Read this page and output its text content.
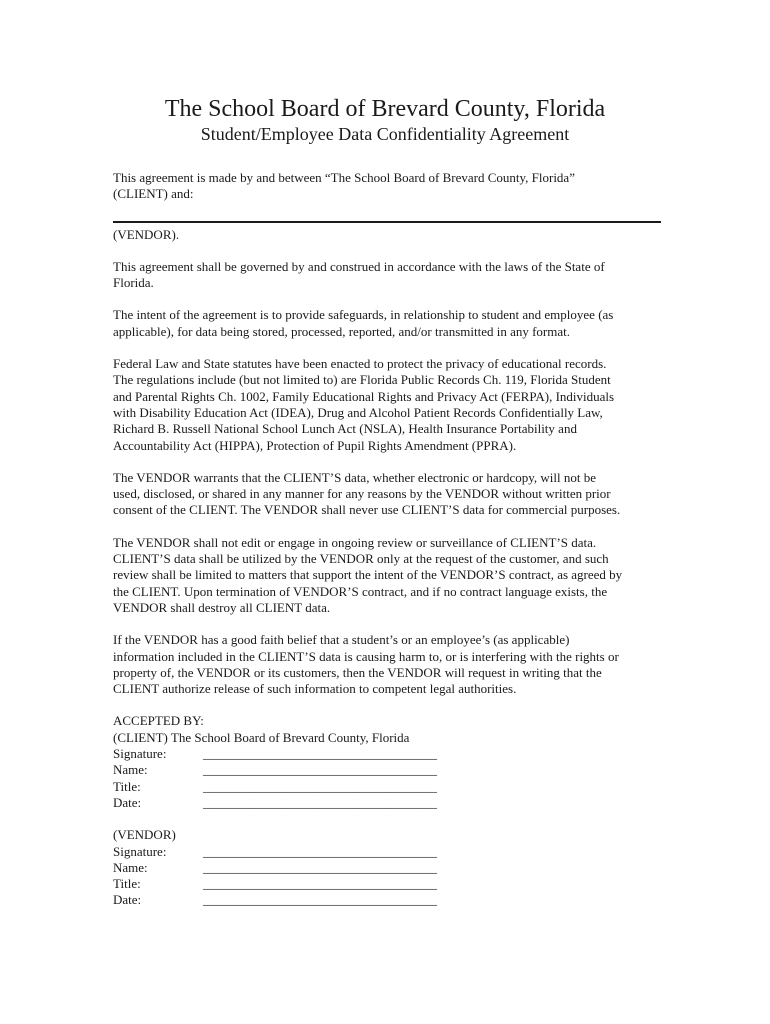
The School Board of Brevard County, Florida
Student/Employee Data Confidentiality Agreement

This agreement is made by and between “The School Board of Brevard County, Florida”
(CLIENT) and:

(VENDOR).

This agreement shall be governed by and construed in accordance with the laws of the State of
Florida.

The intent of the agreement is to provide safeguards, in relationship to student and employee (as
applicable), for data being stored, processed, reported, and/or transmitted in any format.

Federal Law and State statutes have been enacted to protect the privacy of educational records.
The regulations include (but not limited to) are Florida Public Records Ch. 119, Florida Student
and Parental Rights Ch. 1002, Family Educational Rights and Privacy Act (FERPA), Individuals
with Disability Education Act (IDEA), Drug and Alcohol Patient Records Confidentially Law,
Richard B. Russell National School Lunch Act (NSLA), Health Insurance Portability and
Accountability Act (HIPPA), Protection of Pupil Rights Amendment (PPRA).

The VENDOR warrants that the CLIENT’S data, whether electronic or hardcopy, will not be
used, disclosed, or shared in any manner for any reasons by the VENDOR without written prior
consent of the CLIENT. The VENDOR shall never use CLIENT’S data for commercial purposes.

The VENDOR shall not edit or engage in ongoing review or surveillance of CLIENT’S data.
CLIENT’S data shall be utilized by the VENDOR only at the request of the customer, and such
review shall be limited to matters that support the intent of the VENDOR’S contract, as agreed by
the CLIENT. Upon termination of VENDOR’S contract, and if no contract language exists, the
VENDOR shall destroy all CLIENT data.

If the VENDOR has a good faith belief that a student’s or an employee’s (as applicable)
information included in the CLIENT’S data is causing harm to, or is interfering with the rights or
property of, the VENDOR or its customers, then the VENDOR will request in writing that the
CLIENT authorize release of such information to competent legal authorities.

ACCEPTED BY:
(CLIENT) The School Board of Brevard County, Florida
Signature:	____________________________________
Name:	____________________________________
Title:	____________________________________
Date:	____________________________________
(VENDOR)
Signature:	____________________________________
Name:	____________________________________
Title:	____________________________________
Date:	____________________________________
